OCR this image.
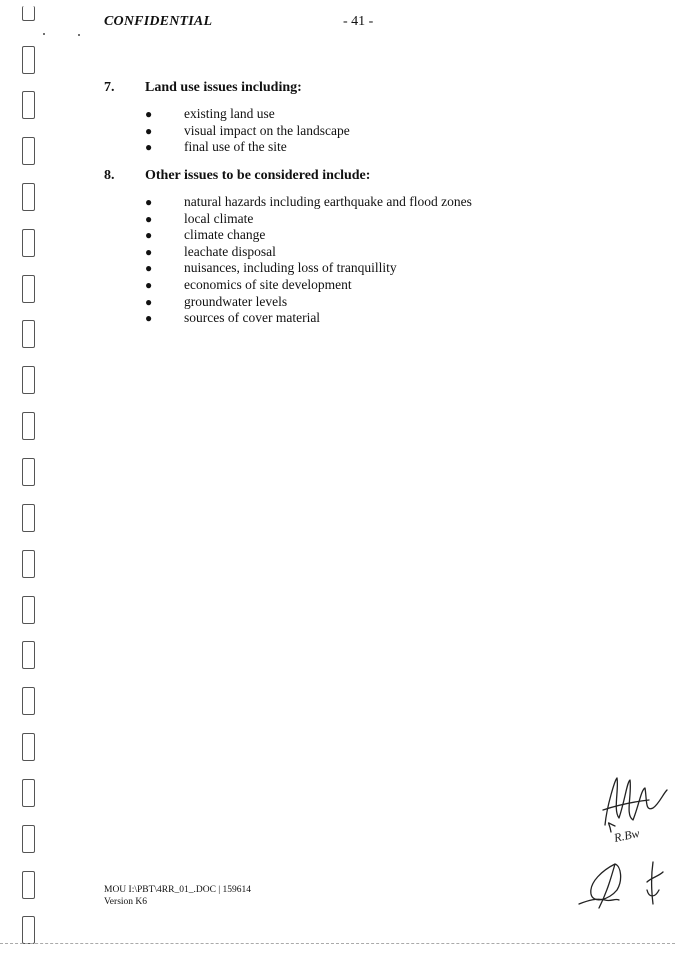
CONFIDENTIAL	- 41 -
7. Land use issues including:
● existing land use
● visual impact on the landscape
● final use of the site
8. Other issues to be considered include:
● natural hazards including earthquake and flood zones
● local climate
● climate change
● leachate disposal
● nuisances, including loss of tranquillity
● economics of site development
● groundwater levels
● sources of cover material
MOU I:\PBT\4RR_01_.DOC | 159614
Version K6
R.Bw
